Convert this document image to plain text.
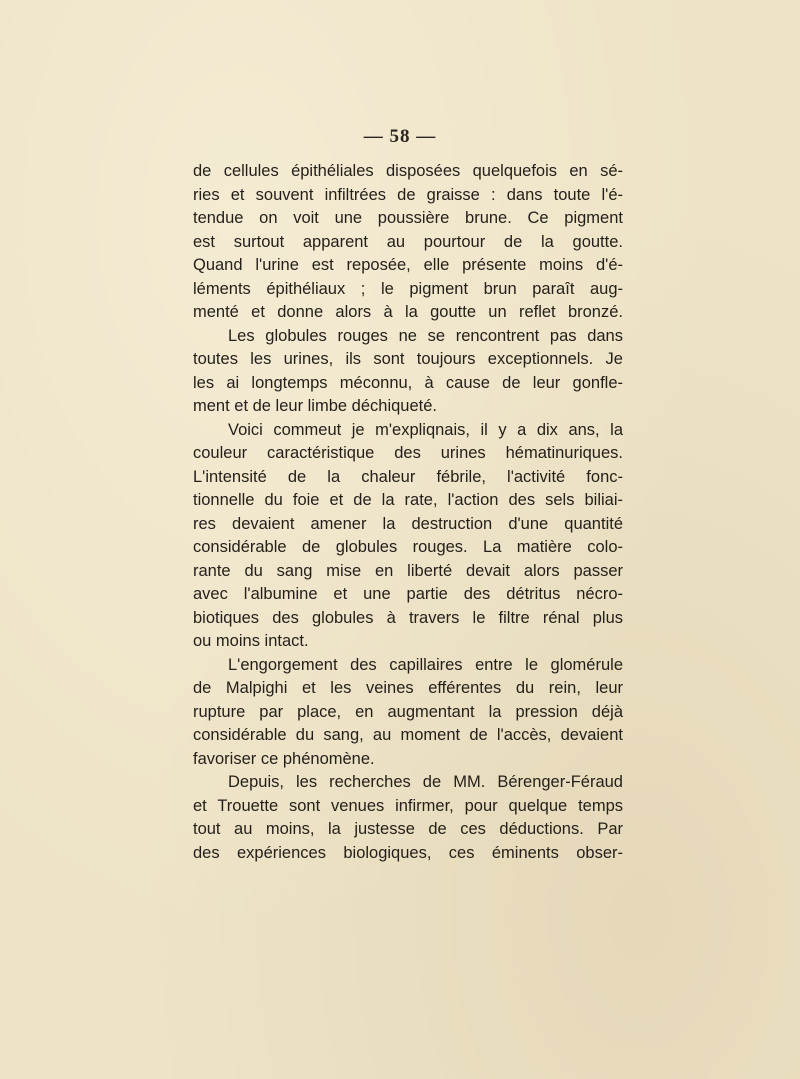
— 58 —
de cellules épithéliales disposées quelquefois en sé-
ries et souvent infiltrées de graisse : dans toute l'é-
tendue on voit une poussière brune. Ce pigment
est surtout apparent au pourtour de la goutte.
Quand l'urine est reposée, elle présente moins d'é-
léments épithéliaux ; le pigment brun paraît aug-
menté et donne alors à la goutte un reflet bronzé.
Les globules rouges ne se rencontrent pas dans
toutes les urines, ils sont toujours exceptionnels. Je
les ai longtemps méconnu, à cause de leur gonfle-
ment et de leur limbe déchiqueté.
Voici commeut je m'expliqnais, il y a dix ans, la
couleur caractéristique des urines hématinuriques.
L'intensité de la chaleur fébrile, l'activité fonc-
tionnelle du foie et de la rate, l'action des sels biliai-
res devaient amener la destruction d'une quantité
considérable de globules rouges. La matière colo-
rante du sang mise en liberté devait alors passer
avec l'albumine et une partie des détritus nécro-
biotiques des globules à travers le filtre rénal plus
ou moins intact.
L'engorgement des capillaires entre le glomérule
de Malpighi et les veines efférentes du rein, leur
rupture par place, en augmentant la pression déjà
considérable du sang, au moment de l'accès, devaient
favoriser ce phénomène.
Depuis, les recherches de MM. Bérenger-Féraud
et Trouette sont venues infirmer, pour quelque temps
tout au moins, la justesse de ces déductions. Par
des expériences biologiques, ces éminents obser-
